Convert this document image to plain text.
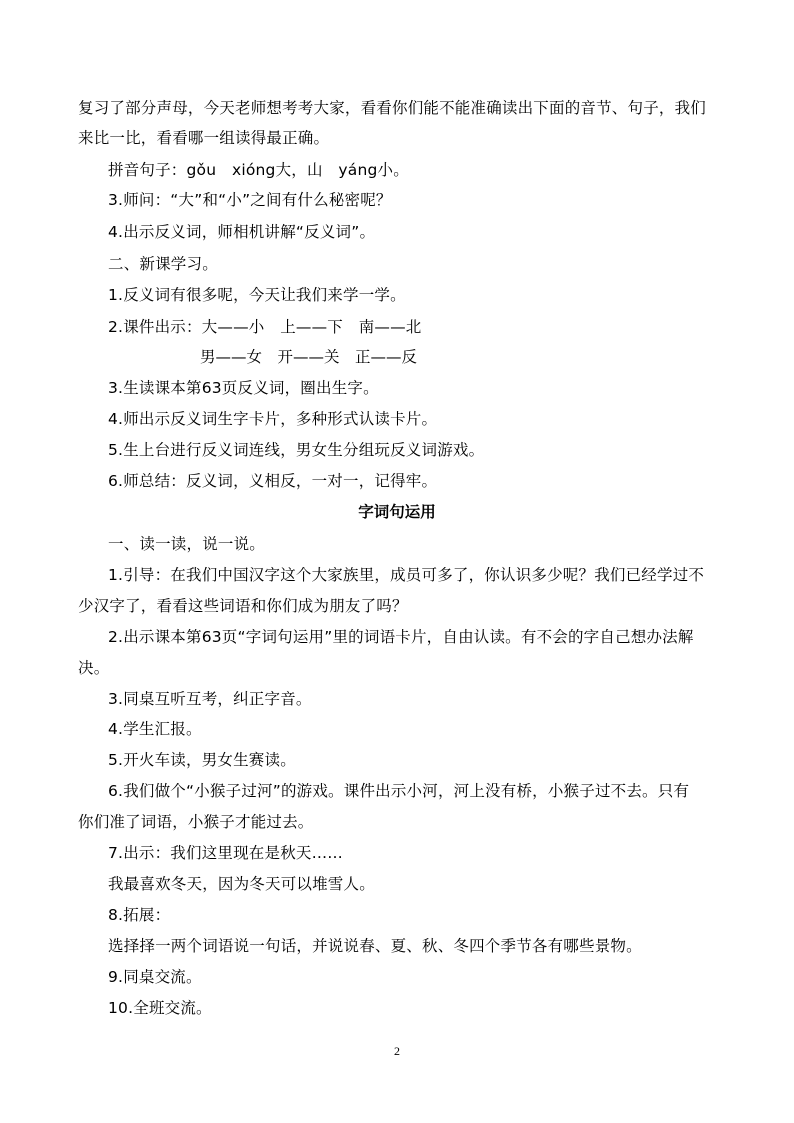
复习了部分声母，今天老师想考考大家，看看你们能不能准确读出下面的音节、句子，我们
来比一比，看看哪一组读得最正确。
拼音句子：gǒu　xióng大，山　yáng小。
3.师问：“大”和“小”之间有什么秘密呢？
4.出示反义词，师相机讲解“反义词”。
二、新课学习。
1.反义词有很多呢，今天让我们来学一学。
2.课件出示：大——小　上——下　南——北
男——女　开——关　正——反
3.生读课本第63页反义词，圈出生字。
4.师出示反义词生字卡片，多种形式认读卡片。
5.生上台进行反义词连线，男女生分组玩反义词游戏。
6.师总结：反义词，义相反，一对一，记得牢。
字词句运用
一、读一读，说一说。
1.引导：在我们中国汉字这个大家族里，成员可多了，你认识多少呢？我们已经学过不
少汉字了，看看这些词语和你们成为朋友了吗？
2.出示课本第63页“字词句运用”里的词语卡片，自由认读。有不会的字自己想办法解
决。
3.同桌互听互考，纠正字音。
4.学生汇报。
5.开火车读，男女生赛读。
6.我们做个“小猴子过河”的游戏。课件出示小河，河上没有桥，小猴子过不去。只有
你们准了词语，小猴子才能过去。
7.出示：我们这里现在是秋天……
我最喜欢冬天，因为冬天可以堆雪人。
8.拓展：
选择择一两个词语说一句话，并说说春、夏、秋、冬四个季节各有哪些景物。
9.同桌交流。
10.全班交流。
2
